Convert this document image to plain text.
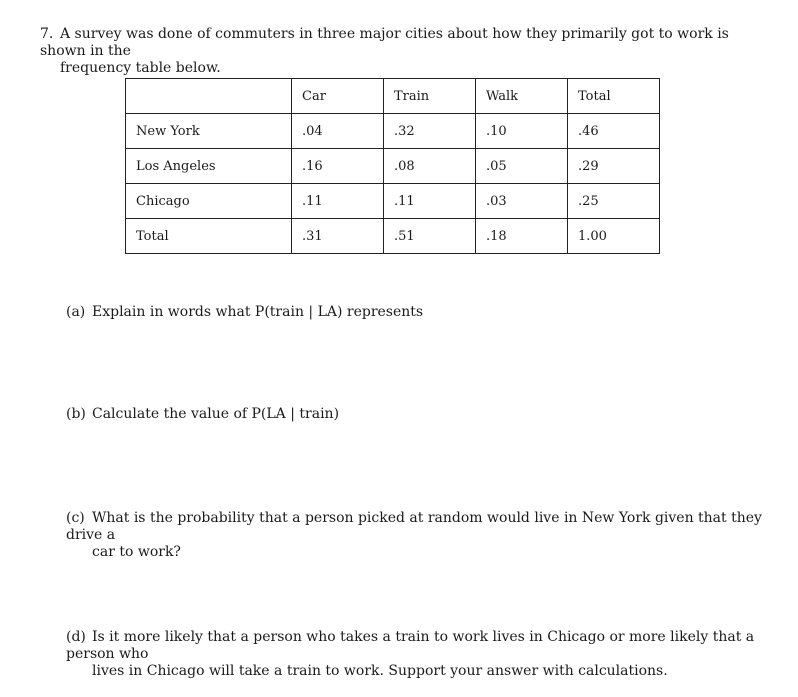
7. A survey was done of commuters in three major cities about how they primarily got to work is shown in the
frequency table below.
	Car	Train	Walk	Total
New York	.04	.32	.10	.46
Los Angeles	.16	.08	.05	.29
Chicago	.11	.11	.03	.25
Total	.31	.51	.18	1.00
(a) Explain in words what P(train | LA) represents
(b) Calculate the value of P(LA | train)
(c) What is the probability that a person picked at random would live in New York given that they drive a
car to work?
(d) Is it more likely that a person who takes a train to work lives in Chicago or more likely that a person who
lives in Chicago will take a train to work. Support your answer with calculations.
